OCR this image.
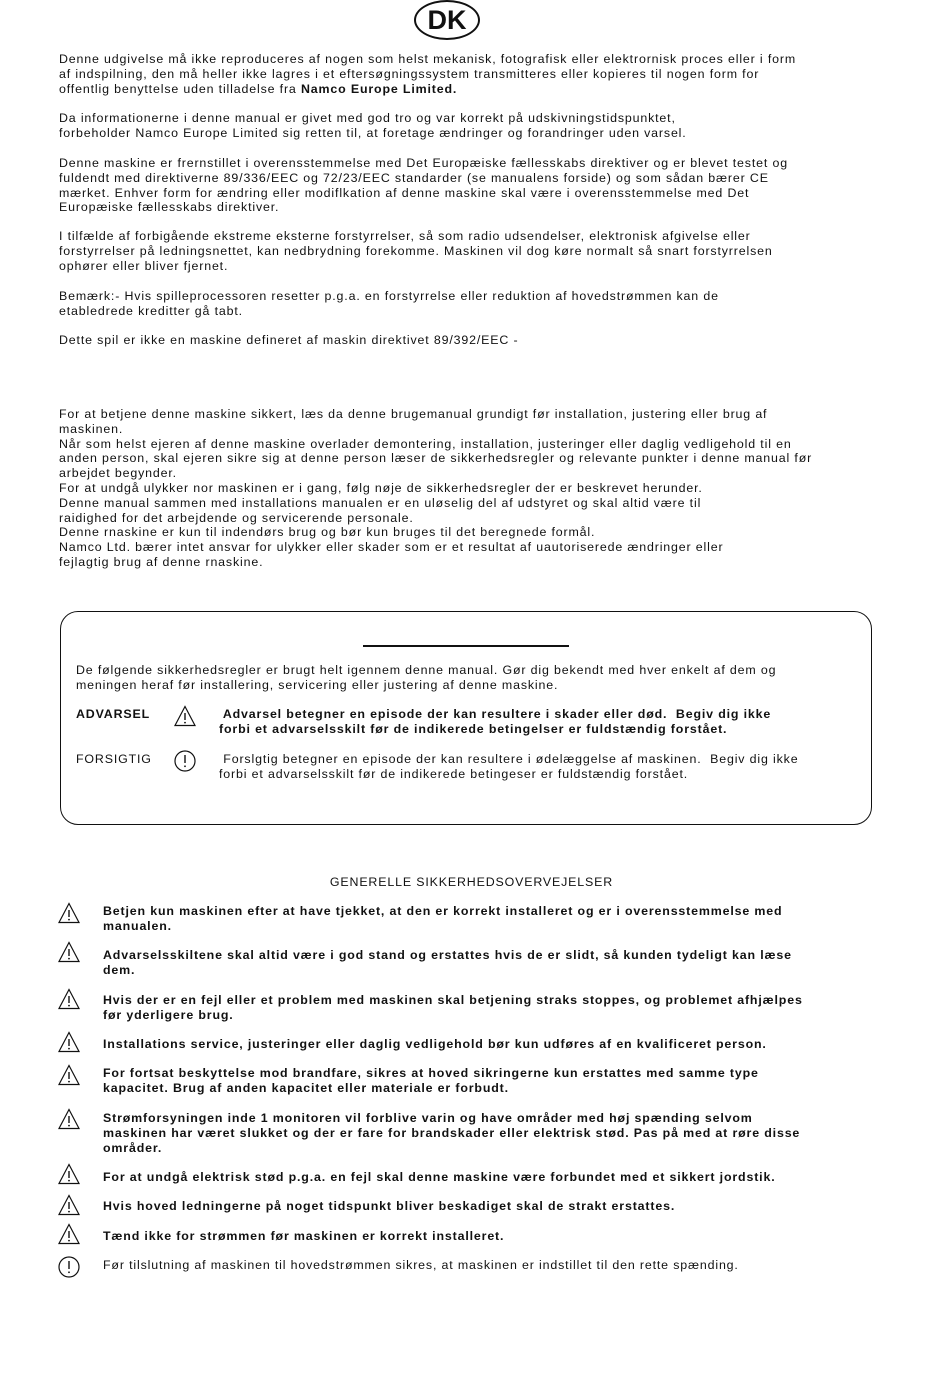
DK
Denne udgivelse må ikke reproduceres af nogen som helst mekanisk, fotografisk eller elektrornisk proces eller i form
af indspilning, den må heller ikke lagres i et eftersøgningssystem transmitteres eller kopieres til nogen form for
offentlig benyttelse uden tilladelse fra Namco Europe Limited.
Da informationerne i denne manual er givet med god tro og var korrekt på udskivningstidspunktet,
forbeholder Namco Europe Limited sig retten til, at foretage ændringer og forandringer uden varsel.
Denne maskine er frernstillet i overensstemmelse med Det Europæiske fællesskabs direktiver og er blevet testet og
fuldendt med direktiverne 89/336/EEC og 72/23/EEC standarder (se manualens forside) og som sådan bærer CE
mærket. Enhver form for ændring eller modiflkation af denne maskine skal være i overensstemmelse med Det
Europæiske fællesskabs direktiver.
I tilfælde af forbigående ekstreme eksterne forstyrrelser, så som radio udsendelser, elektronisk afgivelse eller
forstyrrelser på ledningsnettet, kan nedbrydning forekomme. Maskinen vil dog køre normalt så snart forstyrrelsen
ophører eller bliver fjernet.
Bemærk:- Hvis spilleprocessoren resetter p.g.a. en forstyrrelse eller reduktion af hovedstrømmen kan de
etabledrede kreditter gå tabt.
Dette spil er ikke en maskine defineret af maskin direktivet 89/392/EEC -
For at betjene denne maskine sikkert, læs da denne brugemanual grundigt før installation, justering eller brug af
maskinen.
Når som helst ejeren af denne maskine overlader demontering, installation, justeringer eller daglig vedligehold til en
anden person, skal ejeren sikre sig at denne person læser de sikkerhedsregler og relevante punkter i denne manual før
arbejdet begynder.
For at undgå ulykker nor maskinen er i gang, følg nøje de sikkerhedsregler der er beskrevet herunder.
Denne manual sammen med installations manualen er en uløselig del af udstyret og skal altid være til
raidighed for det arbejdende og servicerende personale.
Denne rnaskine er kun til indendørs brug og bør kun bruges til det beregnede formål.
Namco Ltd. bærer intet ansvar for ulykker eller skader som er et resultat af uautoriserede ændringer eller
fejlagtig brug af denne rnaskine.
De følgende sikkerhedsregler er brugt helt igennem denne manual. Gør dig bekendt med hver enkelt af dem og
meningen heraf før installering, servicering eller justering af denne maskine.
ADVARSEL	Advarsel betegner en episode der kan resultere i skader eller død.  Begiv dig ikke
forbi et advarselsskilt før de indikerede betingelser er fuldstændig forstået.
FORSIGTIG	Forslgtig betegner en episode der kan resultere i ødelæggelse af maskinen.  Begiv dig ikke
forbi et advarselsskilt før de indikerede betingeser er fuldstændig forstået.
GENERELLE SIKKERHEDSOVERVEJELSER
Betjen kun maskinen efter at have tjekket, at den er korrekt installeret og er i overensstemmelse med
manualen.
Advarselsskiltene skal altid være i god stand og erstattes hvis de er slidt, så kunden tydeligt kan læse
dem.
Hvis der er en fejl eller et problem med maskinen skal betjening straks stoppes, og problemet afhjælpes
før yderligere brug.
Installations service, justeringer eller daglig vedligehold bør kun udføres af en kvalificeret person.
For fortsat beskyttelse mod brandfare, sikres at hoved sikringerne kun erstattes med samme type
kapacitet. Brug af anden kapacitet eller materiale er forbudt.
Strømforsyningen inde 1 monitoren vil forblive varin og have områder med høj spænding selvom
maskinen har været slukket og der er fare for brandskader eller elektrisk stød. Pas på med at røre disse
områder.
For at undgå elektrisk stød p.g.a. en fejl skal denne maskine være forbundet med et sikkert jordstik.
Hvis hoved ledningerne på noget tidspunkt bliver beskadiget skal de strakt erstattes.
Tænd ikke for strømmen før maskinen er korrekt installeret.
Før tilslutning af maskinen til hovedstrømmen sikres, at maskinen er indstillet til den rette spænding.
